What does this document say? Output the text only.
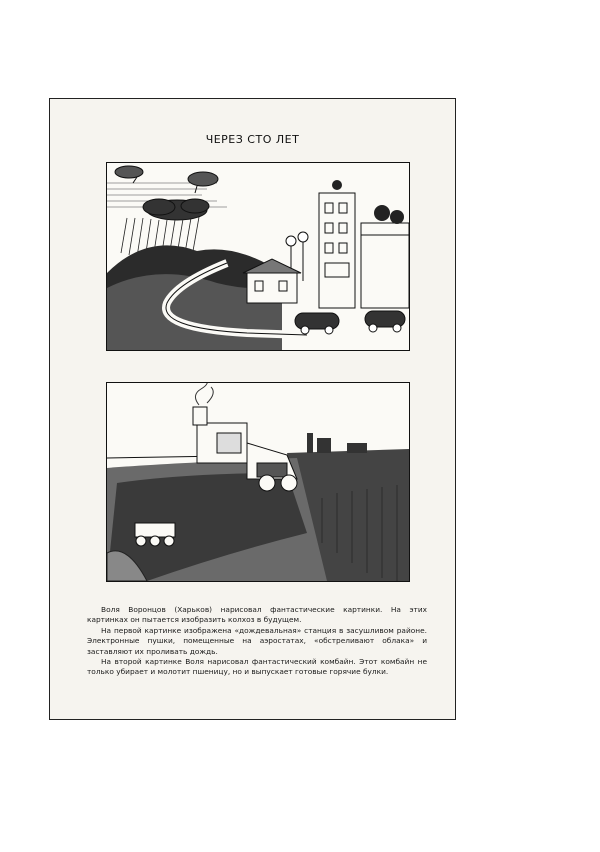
ЧЕРЕЗ СТО ЛЕТ

Воля Воронцов (Харьков) нарисовал фантастические картинки. На этих картинках он пытается изобразить колхоз в будущем.

На первой картинке изображена «дождевальная» станция в засушливом районе. Электронные пушки, помещенные на аэростатах, «обстреливают облака» и заставляют их проливать дождь.

На второй картинке Воля нарисовал фантастический комбайн. Этот комбайн не только убирает и молотит пшеницу, но и выпускает готовые горячие булки.
